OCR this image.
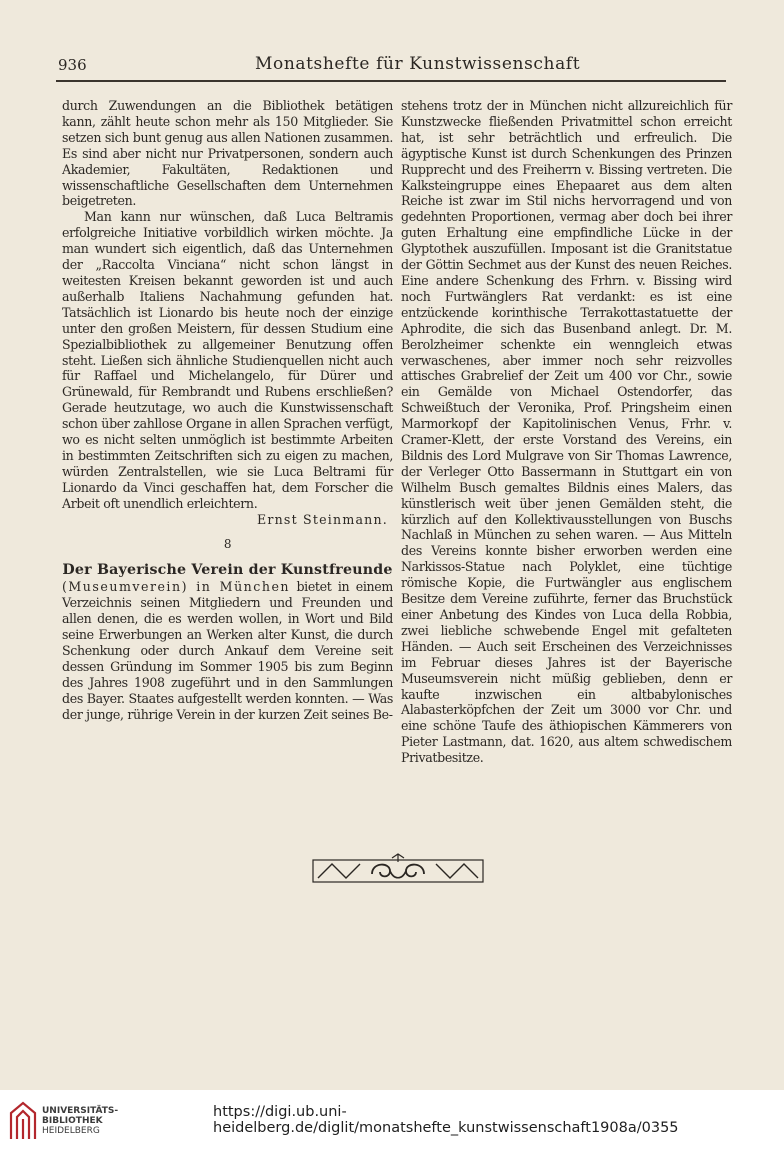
936	Monatshefte für Kunstwissenschaft

durch Zuwendungen an die Bibliothek betätigen kann, zählt heute schon mehr als 150 Mitglieder. Sie setzen sich bunt genug aus allen Nationen zusammen. Es sind aber nicht nur Privatpersonen, sondern auch Akademier, Fakultäten, Redaktionen und wissenschaftliche Gesellschaften dem Unternehmen beigetreten.

Man kann nur wünschen, daß Luca Beltramis erfolgreiche Initiative vorbildlich wirken möchte. Ja man wundert sich eigentlich, daß das Unternehmen der „Raccolta Vinciana“ nicht schon längst in weitesten Kreisen bekannt geworden ist und auch außerhalb Italiens Nachahmung gefunden hat. Tatsächlich ist Lionardo bis heute noch der einzige unter den großen Meistern, für dessen Studium eine Spezialbibliothek zu allgemeiner Benutzung offen steht. Ließen sich ähnliche Studienquellen nicht auch für Raffael und Michelangelo, für Dürer und Grünewald, für Rembrandt und Rubens erschließen? Gerade heutzutage, wo auch die Kunstwissenschaft schon über zahllose Organe in allen Sprachen verfügt, wo es nicht selten unmöglich ist bestimmte Arbeiten in bestimmten Zeitschriften sich zu eigen zu machen, würden Zentralstellen, wie sie Luca Beltrami für Lionardo da Vinci geschaffen hat, dem Forscher die Arbeit oft unendlich erleichtern.

Ernst Steinmann.

8
Der Bayerische Verein der Kunstfreunde

(Museumverein) in München bietet in einem Verzeichnis seinen Mitgliedern und Freunden und allen denen, die es werden wollen, in Wort und Bild seine Erwerbungen an Werken alter Kunst, die durch Schenkung oder durch Ankauf dem Vereine seit dessen Gründung im Sommer 1905 bis zum Beginn des Jahres 1908 zugeführt und in den Sammlungen des Bayer. Staates aufgestellt werden konnten. — Was der junge, rührige Verein in der kurzen Zeit seines Be-

stehens trotz der in München nicht allzureichlich für Kunstzwecke fließenden Privatmittel schon erreicht hat, ist sehr beträchtlich und erfreulich. Die ägyptische Kunst ist durch Schenkungen des Prinzen Rupprecht und des Freiherrn v. Bissing vertreten. Die Kalksteingruppe eines Ehepaaret aus dem alten Reiche ist zwar im Stil nichs hervorragend und von gedehnten Proportionen, vermag aber doch bei ihrer guten Erhaltung eine empfindliche Lücke in der Glyptothek auszufüllen. Imposant ist die Granitstatue der Göttin Sechmet aus der Kunst des neuen Reiches. Eine andere Schenkung des Frhrn. v. Bissing wird noch Furtwänglers Rat verdankt: es ist eine entzückende korinthische Terrakottastatuette der Aphrodite, die sich das Busenband anlegt. Dr. M. Berolzheimer schenkte ein wenngleich etwas verwaschenes, aber immer noch sehr reizvolles attisches Grabrelief der Zeit um 400 vor Chr., sowie ein Gemälde von Michael Ostendorfer, das Schweißtuch der Veronika, Prof. Pringsheim einen Marmorkopf der Kapitolinischen Venus, Frhr. v. Cramer-Klett, der erste Vorstand des Vereins, ein Bildnis des Lord Mulgrave von Sir Thomas Lawrence, der Verleger Otto Bassermann in Stuttgart ein von Wilhelm Busch gemaltes Bildnis eines Malers, das künstlerisch weit über jenen Gemälden steht, die kürzlich auf den Kollektivausstellungen von Buschs Nachlaß in München zu sehen waren. — Aus Mitteln des Vereins konnte bisher erworben werden eine Narkissos-Statue nach Polyklet, eine tüchtige römische Kopie, die Furtwängler aus englischem Besitze dem Vereine zuführte, ferner das Bruchstück einer Anbetung des Kindes von Luca della Robbia, zwei liebliche schwebende Engel mit gefalteten Händen. — Auch seit Erscheinen des Verzeichnisses im Februar dieses Jahres ist der Bayerische Museumsverein nicht müßig geblieben, denn er kaufte inzwischen ein altbabylonisches Alabasterköpfchen der Zeit um 3000 vor Chr. und eine schöne Taufe des äthiopischen Kämmerers von Pieter Lastmann, dat. 1620, aus altem schwedischem Privatbesitze.

UNIVERSITÄTS-
BIBLIOTHEK
HEIDELBERG
https://digi.ub.uni-heidelberg.de/diglit/monatshefte_kunstwissenschaft1908a/0355
